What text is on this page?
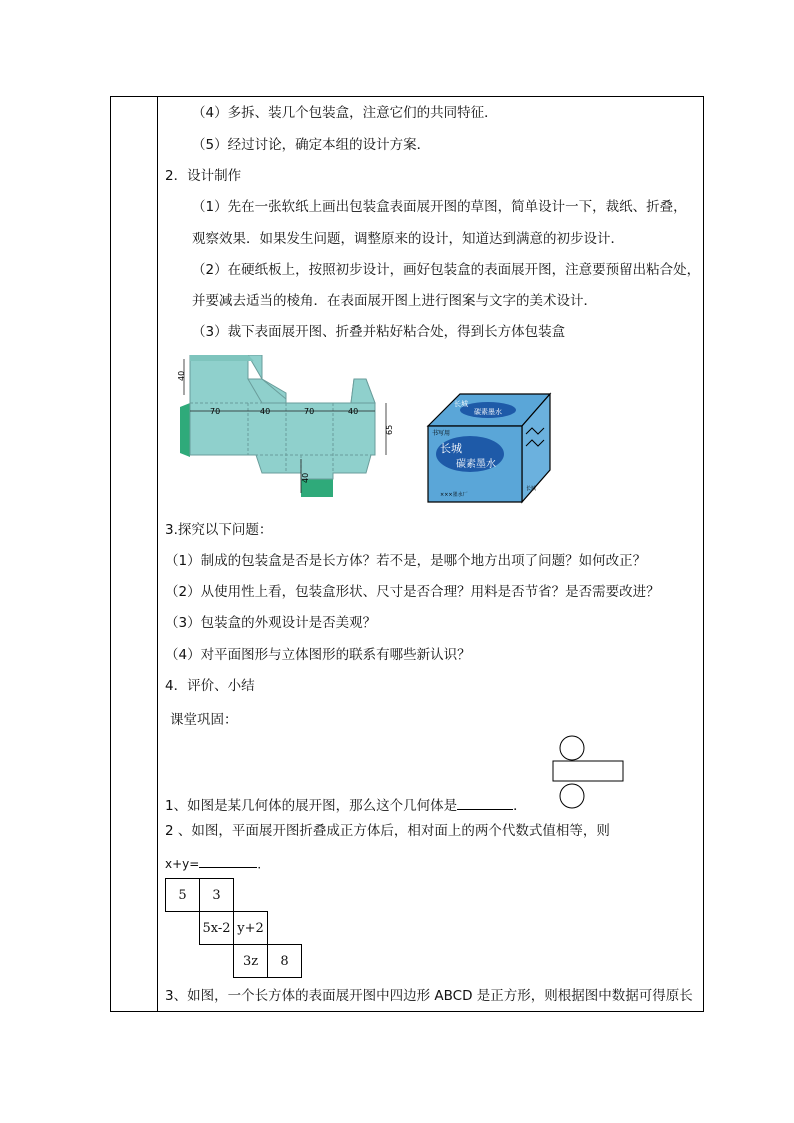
（4）多拆、装几个包装盒，注意它们的共同特征．
（5）经过讨论，确定本组的设计方案．
2．设计制作
（1）先在一张软纸上画出包装盒表面展开图的草图，简单设计一下，裁纸、折叠，
观察效果．如果发生问题，调整原来的设计，知道达到满意的初步设计．
（2）在硬纸板上，按照初步设计，画好包装盒的表面展开图，注意要预留出粘合处，
并要减去适当的棱角．在表面展开图上进行图案与文字的美术设计．
（3）裁下表面展开图、折叠并粘好粘合处，得到长方体包装盒
70	40	70	40
40
65
40
长城
碳素墨水
书写用
长城
碳素墨水
×××墨水厂
长城
3.探究以下问题：
（1）制成的包装盒是否是长方体？若不是，是哪个地方出项了问题？如何改正？
（2）从使用性上看，包装盒形状、尺寸是否合理？用料是否节省？是否需要改进？
（3）包装盒的外观设计是否美观？
（4）对平面图形与立体图形的联系有哪些新认识？
4．评价、小结
课堂巩固：
1、如图是某几何体的展开图，那么这个几何体是	．
2 、如图，平面展开图折叠成正方体后，相对面上的两个代数式值相等，则
x+y=	．
5	3
5x-2 y+2
3z	8
3、如图，一个长方体的表面展开图中四边形 ABCD 是正方形，则根据图中数据可得原长
